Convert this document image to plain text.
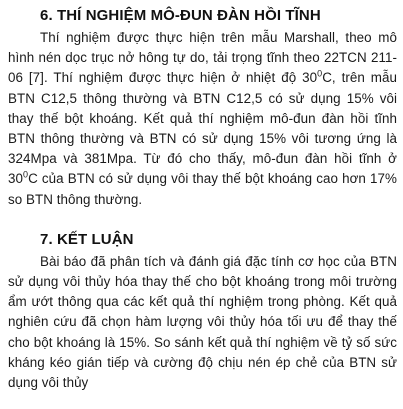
6. THÍ NGHIỆM MÔ-ĐUN ĐÀN HỒI TĨNH

Thí nghiệm được thực hiện trên mẫu Marshall, theo mô hình nén dọc trục nở hông tự do, tải trọng tĩnh theo 22TCN 211-06 [7]. Thí nghiệm được thực hiện ở nhiệt độ $30^0C$, trên mẫu BTN C12,5 thông thường và BTN C12,5 có sử dụng 15% vôi thay thế bột khoáng. Kết quả thí nghiệm mô-đun đàn hồi tĩnh BTN thông thường và BTN có sử dụng 15% vôi tương ứng là 324Mpa và 381Mpa. Từ đó cho thấy, mô-đun đàn hồi tĩnh ở $30^0C$ của BTN có sử dụng vôi thay thế bột khoáng cao hơn 17% so BTN thông thường.

7. KẾT LUẬN

Bài báo đã phân tích và đánh giá đặc tính cơ học của BTN sử dụng vôi thủy hóa thay thế cho bột khoáng trong môi trường ẩm ướt thông qua các kết quả thí nghiệm trong phòng. Kết quả nghiên cứu đã chọn hàm lượng vôi thủy hóa tối ưu để thay thế cho bột khoáng là 15%. So sánh kết quả thí nghiệm về tỷ số sức kháng kéo gián tiếp và cường độ chịu nén ép chẻ của BTN sử dụng vôi thủy
